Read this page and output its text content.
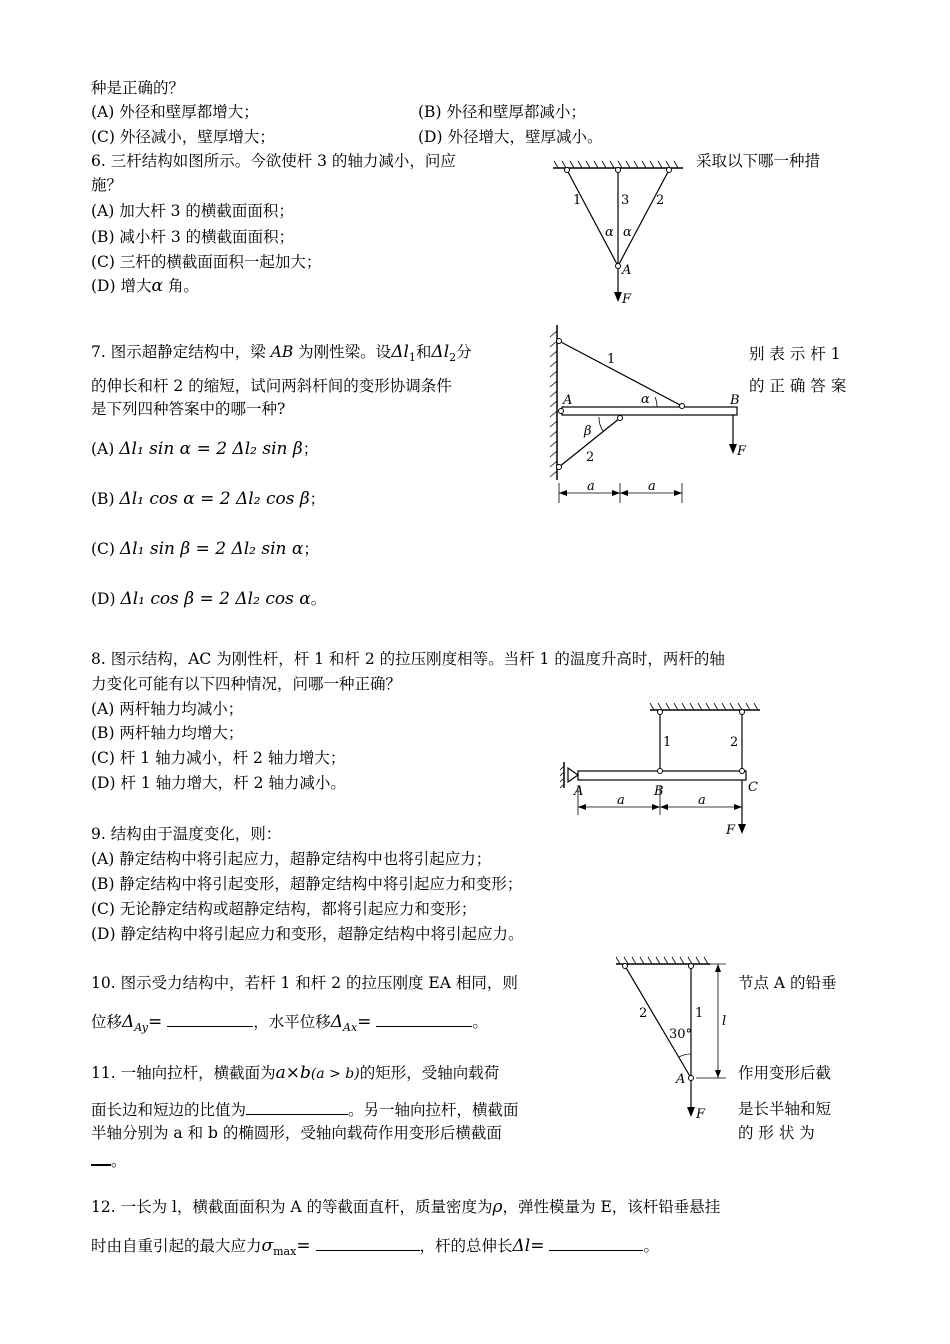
种是正确的？
(A) 外径和壁厚都增大；	(B) 外径和壁厚都减小；
(C) 外径减小，壁厚增大；	(D) 外径增大，壁厚减小。
6. 三杆结构如图所示。今欲使杆 3 的轴力减小，问应	采取以下哪一种措
施？
(A) 加大杆 3 的横截面面积；
(B) 减小杆 3 的横截面面积；
(C) 三杆的横截面面积一起加大；
(D) 增大α 角。
1	3 2
α α
A
F
7. 图示超静定结构中，梁 AB 为刚性梁。设$\Delta l_1$和$\Delta l_2$分	别 表 示 杆 1
的伸长和杆 2 的缩短，试问两斜杆间的变形协调条件	的 正 确 答 案
是下列四种答案中的哪一种?
(A) Δl₁ sin α = 2 Δl₂ sin β；
(B) Δl₁ cos α = 2 Δl₂ cos β；
(C) Δl₁ sin β = 2 Δl₂ sin α；
(D) Δl₁ cos β = 2 Δl₂ cos α。
1
2
A	B
α
β
F
a	a
8. 图示结构，AC 为刚性杆，杆 1 和杆 2 的拉压刚度相等。当杆 1 的温度升高时，两杆的轴
力变化可能有以下四种情况，问哪一种正确？
(A) 两杆轴力均减小；
(B) 两杆轴力均增大；
(C) 杆 1 轴力减小，杆 2 轴力增大；
(D) 杆 1 轴力增大，杆 2 轴力减小。
1	2
A	B	C
a	a
F
9. 结构由于温度变化，则：
(A) 静定结构中将引起应力，超静定结构中也将引起应力；
(B) 静定结构中将引起变形，超静定结构中将引起应力和变形；
(C) 无论静定结构或超静定结构，都将引起应力和变形；
(D) 静定结构中将引起应力和变形，超静定结构中将引起应力。
10. 图示受力结构中，若杆 1 和杆 2 的拉压刚度 EA 相同，则	节点 A 的铅垂
位移$\Delta_{Ay}=$	，水平位移$\Delta_{Ax}=$	。	1
2
30°
l
A
F
11. 一轴向拉杆，横截面为a×b(a > b)的矩形，受轴向载荷	作用变形后截
面长边和短边的比值为	。另一轴向拉杆，横截面	是长半轴和短
半轴分别为 a 和 b 的椭圆形，受轴向载荷作用变形后横截面	的 形 状 为
。
12. 一长为 l，横截面面积为 A 的等截面直杆，质量密度为ρ，弹性模量为 E，该杆铅垂悬挂
时由自重引起的最大应力$\sigma_{max}=$	，杆的总伸长Δl=	。
